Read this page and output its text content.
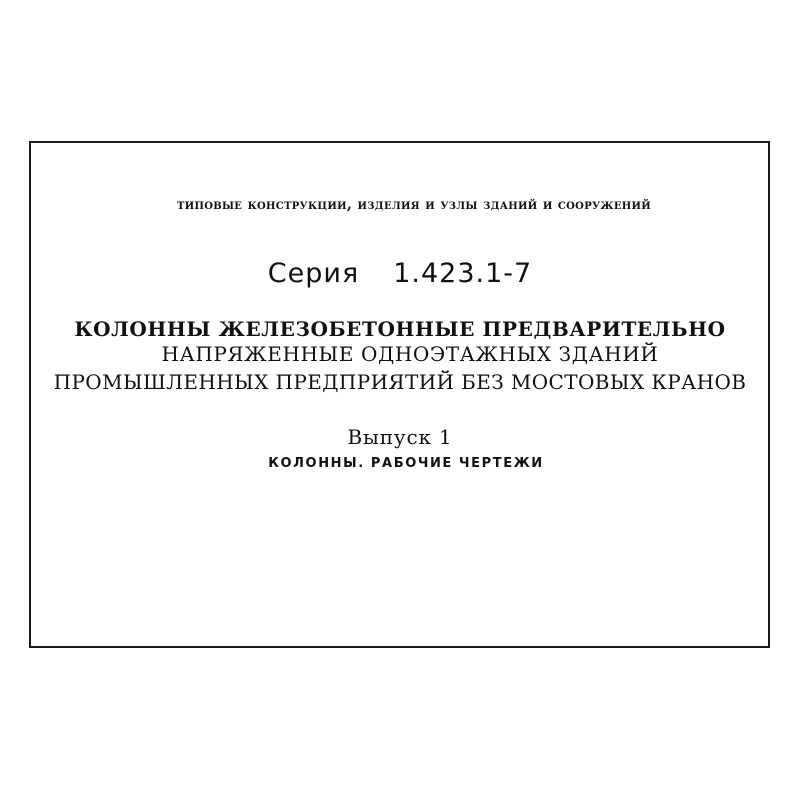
типовые конструкции, изделия и узлы зданий и сооружений
Серия 1.423.1-7
КОЛОННЫ ЖЕЛЕЗОБЕТОННЫЕ ПРЕДВАРИТЕЛЬНО
НАПРЯЖЕННЫЕ ОДНОЭТАЖНЫХ ЗДАНИЙ
ПРОМЫШЛЕННЫХ ПРЕДПРИЯТИЙ БЕЗ МОСТОВЫХ КРАНОВ
Выпуск 1
КОЛОННЫ. РАБОЧИЕ ЧЕРТЕЖИ
